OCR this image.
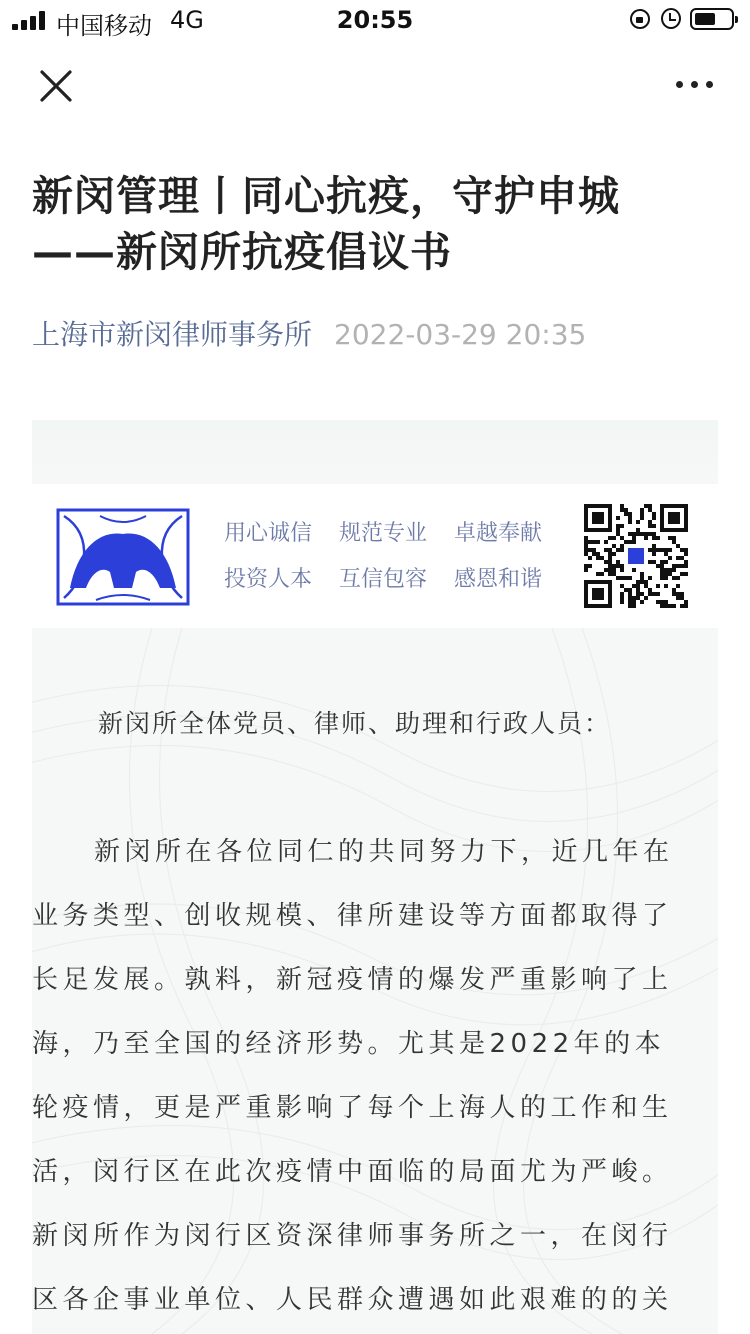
中国移动 4G	20:55
新闵管理丨同心抗疫，守护申城
——新闵所抗疫倡议书
上海市新闵律师事务所 2022-03-29 20:35
用心诚信	规范专业	卓越奉献
投资人本	互信包容	感恩和谐
新闵所全体党员、律师、助理和行政人员：
新闵所在各位同仁的共同努力下，近几年在
业务类型、创收规模、律所建设等方面都取得了
长足发展。孰料，新冠疫情的爆发严重影响了上
海，乃至全国的经济形势。尤其是2022年的本
轮疫情，更是严重影响了每个上海人的工作和生
活，闵行区在此次疫情中面临的局面尤为严峻。
新闵所作为闵行区资深律师事务所之一，在闵行
区各企事业单位、人民群众遭遇如此艰难的的关
